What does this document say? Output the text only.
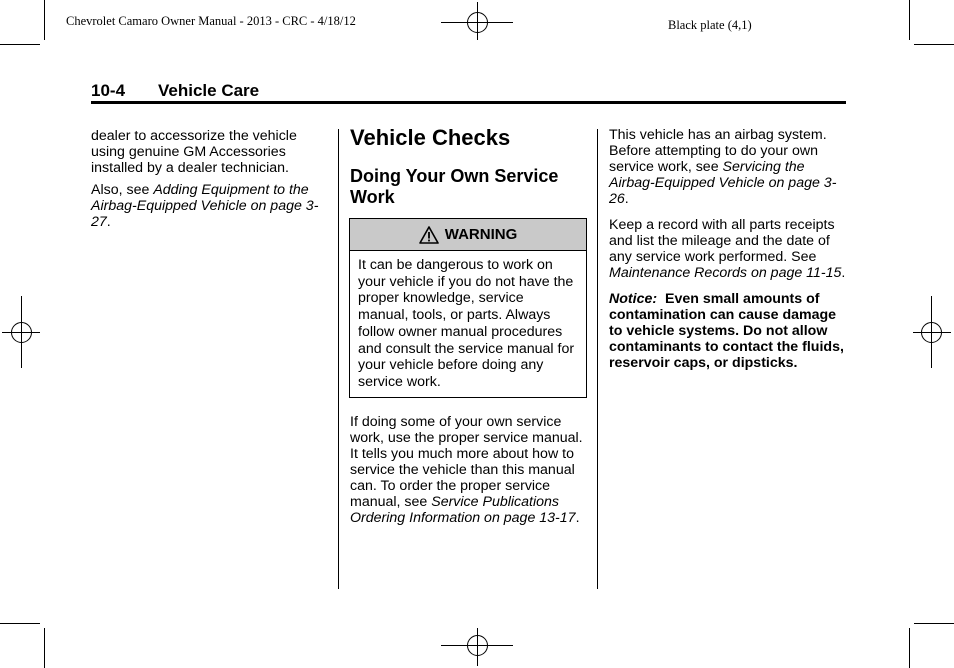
Chevrolet Camaro Owner Manual - 2013 - CRC - 4/18/12	Black plate (4,1)
10-4 Vehicle Care

dealer to accessorize the vehicle using genuine GM Accessories installed by a dealer technician.

Also, see Adding Equipment to the Airbag-Equipped Vehicle on page 3-27.

Vehicle Checks
Doing Your Own Service Work
WARNING
It can be dangerous to work on your vehicle if you do not have the proper knowledge, service manual, tools, or parts. Always follow owner manual procedures and consult the service manual for your vehicle before doing any service work.

If doing some of your own service work, use the proper service manual. It tells you much more about how to service the vehicle than this manual can. To order the proper service manual, see Service Publications Ordering Information on page 13-17.

This vehicle has an airbag system. Before attempting to do your own service work, see Servicing the Airbag-Equipped Vehicle on page 3-26.

Keep a record with all parts receipts and list the mileage and the date of any service work performed. See Maintenance Records on page 11-15.

Notice: Even small amounts of contamination can cause damage to vehicle systems. Do not allow contaminants to contact the fluids, reservoir caps, or dipsticks.
